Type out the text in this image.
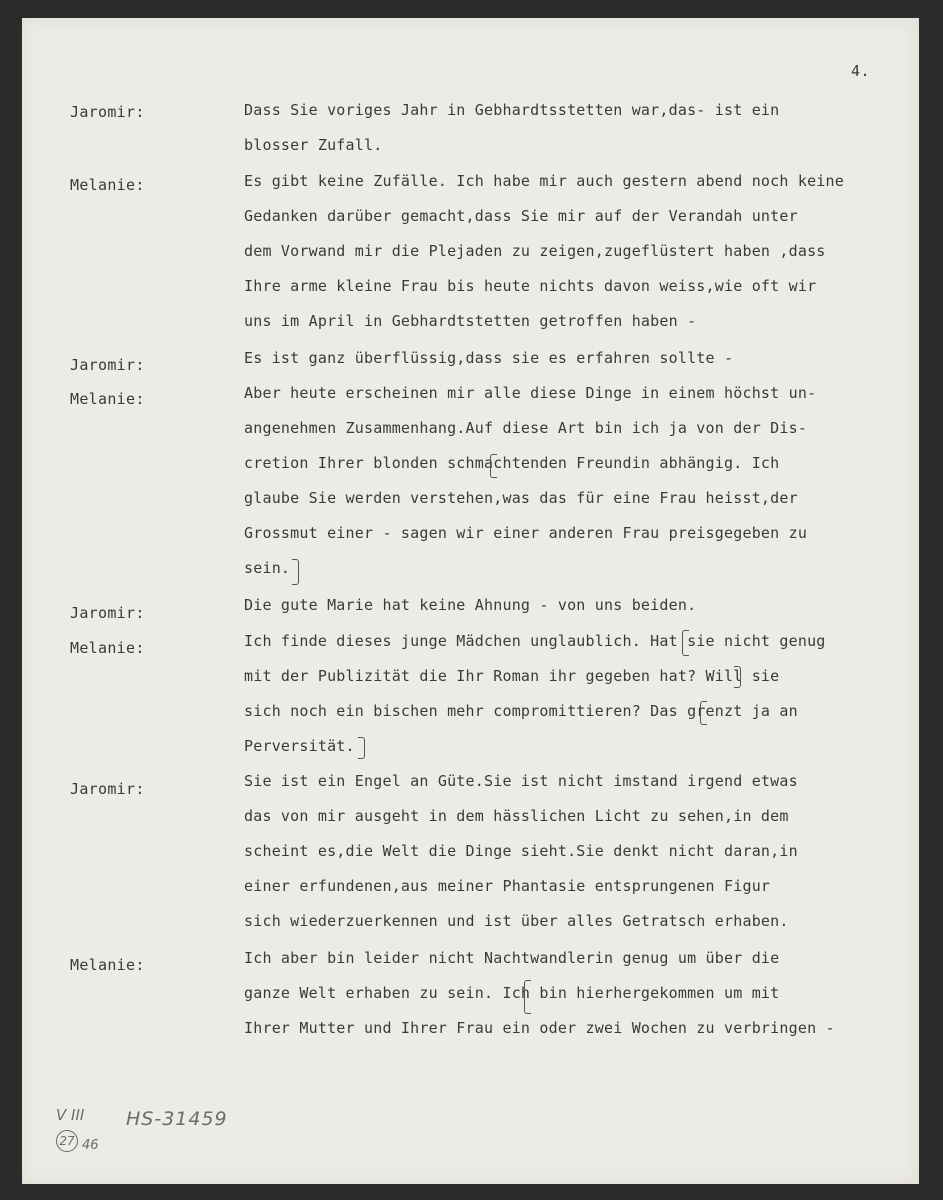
4.
Jaromir:	Dass Sie voriges Jahr in Gebhardtsstetten war,das- ist ein
blosser Zufall.
Melanie:	Es gibt keine Zufälle. Ich habe mir auch gestern abend noch keine
Gedanken darüber gemacht,dass Sie mir auf der Verandah unter
dem Vorwand mir die Plejaden zu zeigen,zugeflüstert haben ,dass
Ihre arme kleine Frau bis heute nichts davon weiss,wie oft wir
uns im April in Gebhardtstetten getroffen haben -
Jaromir:	Es ist ganz überflüssig,dass sie es erfahren sollte -
Melanie:	Aber heute erscheinen mir alle diese Dinge in einem höchst un-
angenehmen Zusammenhang.Auf diese Art bin ich ja von der Dis-
cretion Ihrer blonden schmachtenden Freundin abhängig. Ich
glaube Sie werden verstehen,was das für eine Frau heisst,der
Grossmut einer - sagen wir einer anderen Frau preisgegeben zu
sein.
Jaromir:	Die gute Marie hat keine Ahnung - von uns beiden.
Melanie:	Ich finde dieses junge Mädchen unglaublich. Hat sie nicht genug
mit der Publizität die Ihr Roman ihr gegeben hat? Will sie
sich noch ein bischen mehr compromittieren? Das grenzt ja an
Perversität.
Jaromir:	Sie ist ein Engel an Güte.Sie ist nicht imstand irgend etwas
das von mir ausgeht in dem hässlichen Licht zu sehen,in dem
scheint es,die Welt die Dinge sieht.Sie denkt nicht daran,in
einer erfundenen,aus meiner Phantasie entsprungenen Figur
sich wiederzuerkennen und ist über alles Getratsch erhaben.
Melanie:	Ich aber bin leider nicht Nachtwandlerin genug um über die
ganze Welt erhaben zu sein. Ich bin hierhergekommen um mit
Ihrer Mutter und Ihrer Frau ein oder zwei Wochen zu verbringen -
V III
27 46
HS-31459
